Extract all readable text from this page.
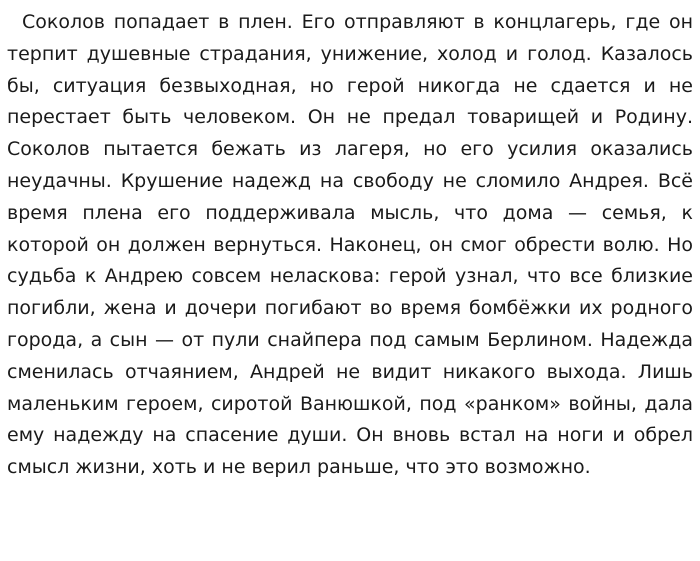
Соколов попадает в плен. Его отправляют в концлагерь, где он терпит душевные страдания, унижение, холод и голод. Казалось бы, ситуация безвыходная, но герой никогда не сдается и не перестает быть человеком. Он не предал товарищей и Родину. Соколов пытается бежать из лагеря, но его усилия оказались неудачны. Крушение надежд на свободу не сломило Андрея. Всё время плена его поддерживала мысль, что дома — семья, к которой он должен вернуться. Наконец, он смог обрести волю. Но судьба к Андрею совсем неласкова: герой узнал, что все близкие погибли, жена и дочери погибают во время бомбёжки их родного города, а сын — от пули снайпера под самым Берлином. Надежда сменилась отчаянием, Андрей не видит никакого выхода. Лишь маленьким героем, сиротой Ванюшкой, под «ранком» войны, дала ему надежду на спасение души. Он вновь встал на ноги и обрел смысл жизни, хоть и не верил раньше, что это возможно.
